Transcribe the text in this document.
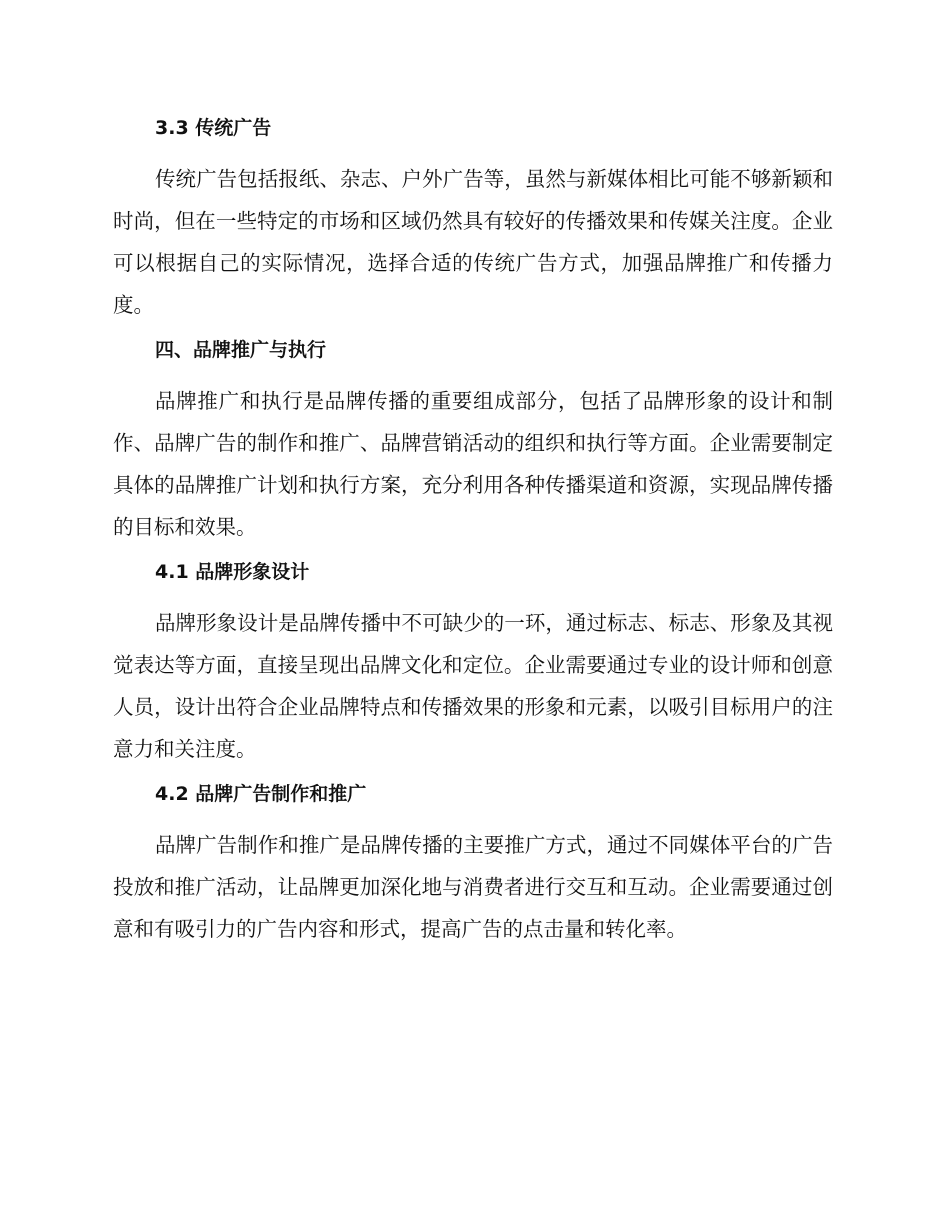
3.3 传统广告

传统广告包括报纸、杂志、户外广告等，虽然与新媒体相比可能不够新颖和时尚，但在一些特定的市场和区域仍然具有较好的传播效果和传媒关注度。企业可以根据自己的实际情况，选择合适的传统广告方式，加强品牌推广和传播力度。

四、品牌推广与执行

品牌推广和执行是品牌传播的重要组成部分，包括了品牌形象的设计和制作、品牌广告的制作和推广、品牌营销活动的组织和执行等方面。企业需要制定具体的品牌推广计划和执行方案，充分利用各种传播渠道和资源，实现品牌传播的目标和效果。

4.1 品牌形象设计

品牌形象设计是品牌传播中不可缺少的一环，通过标志、标志、形象及其视觉表达等方面，直接呈现出品牌文化和定位。企业需要通过专业的设计师和创意人员，设计出符合企业品牌特点和传播效果的形象和元素，以吸引目标用户的注意力和关注度。

4.2 品牌广告制作和推广

品牌广告制作和推广是品牌传播的主要推广方式，通过不同媒体平台的广告投放和推广活动，让品牌更加深化地与消费者进行交互和互动。企业需要通过创意和有吸引力的广告内容和形式，提高广告的点击量和转化率。
